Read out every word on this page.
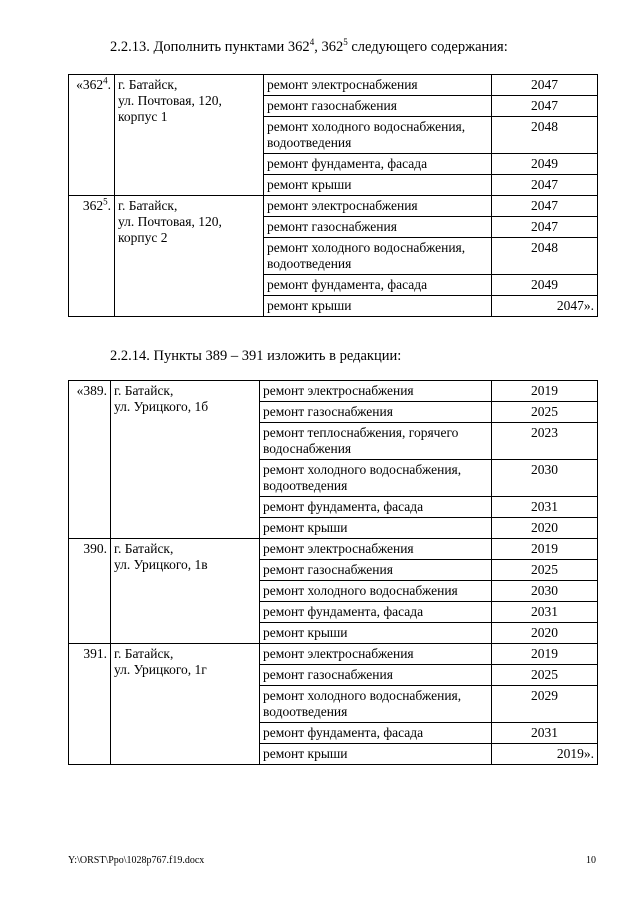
2.2.13. Дополнить пунктами $362^4$, $362^5$ следующего содержания:
«$362^4$.	г. Батайск,
ул. Почтовая, 120,
корпус 1	ремонт электроснабжения	2047
		ремонт газоснабжения	2047
		ремонт холодного водоснабжения, водоотведения	2048
		ремонт фундамента, фасада	2049
		ремонт крыши	2047
$362^5$.	г. Батайск,
ул. Почтовая, 120,
корпус 2	ремонт электроснабжения	2047
		ремонт газоснабжения	2047
		ремонт холодного водоснабжения, водоотведения	2048
		ремонт фундамента, фасада	2049
		ремонт крыши	2047».
2.2.14. Пункты 389 – 391 изложить в редакции:
«389.	г. Батайск,
ул. Урицкого, 1б	ремонт электроснабжения	2019
		ремонт газоснабжения	2025
		ремонт теплоснабжения, горячего водоснабжения	2023
		ремонт холодного водоснабжения, водоотведения	2030
		ремонт фундамента, фасада	2031
		ремонт крыши	2020
390.	г. Батайск,
ул. Урицкого, 1в	ремонт электроснабжения	2019
		ремонт газоснабжения	2025
		ремонт холодного водоснабжения	2030
		ремонт фундамента, фасада	2031
		ремонт крыши	2020
391.	г. Батайск,
ул. Урицкого, 1г	ремонт электроснабжения	2019
		ремонт газоснабжения	2025
		ремонт холодного водоснабжения, водоотведения	2029
		ремонт фундамента, фасада	2031
		ремонт крыши	2019».
Y:\ORST\Ppo\1028p767.f19.docx	10
